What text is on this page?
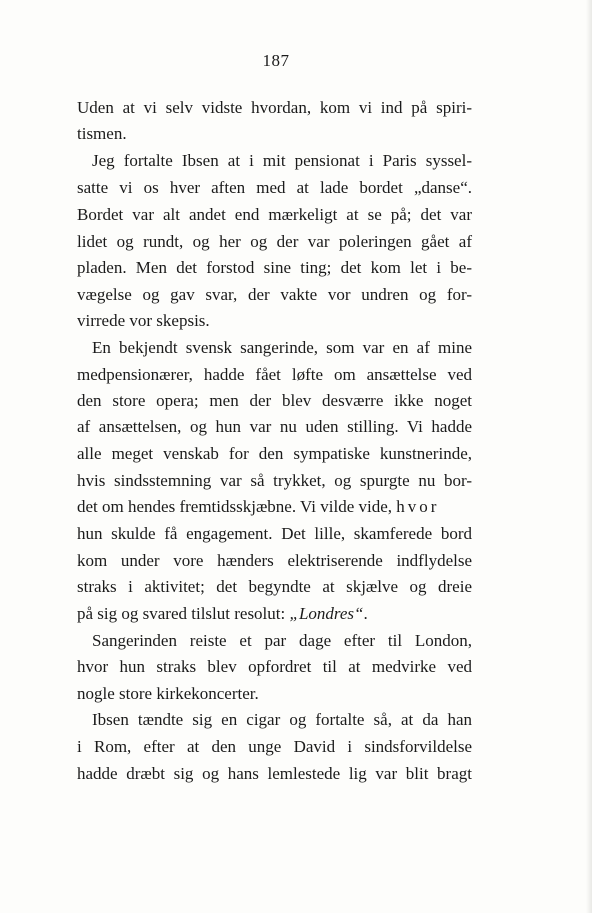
187
Uden at vi selv vidste hvordan, kom vi ind på spiri-
tismen.
Jeg fortalte Ibsen at i mit pensionat i Paris syssel-
satte vi os hver aften med at lade bordet „danse“.
Bordet var alt andet end mærkeligt at se på; det var
lidet og rundt, og her og der var poleringen gået af
pladen. Men det forstod sine ting; det kom let i be-
vægelse og gav svar, der vakte vor undren og for-
virrede vor skepsis.
En bekjendt svensk sangerinde, som var en af mine
medpensionærer, hadde fået løfte om ansættelse ved
den store opera; men der blev desværre ikke noget
af ansættelsen, og hun var nu uden stilling. Vi hadde
alle meget venskab for den sympatiske kunstnerinde,
hvis sindsstemning var så trykket, og spurgte nu bor-
det om hendes fremtidsskjæbne. Vi vilde vide, hvor
hun skulde få engagement. Det lille, skamferede bord
kom under vore hænders elektriserende indflydelse
straks i aktivitet; det begyndte at skjælve og dreie
på sig og svared tilslut resolut: „Londres“.
Sangerinden reiste et par dage efter til London,
hvor hun straks blev opfordret til at medvirke ved
nogle store kirkekoncerter.
Ibsen tændte sig en cigar og fortalte så, at da han
i Rom, efter at den unge David i sindsforvildelse
hadde dræbt sig og hans lemlestede lig var blit bragt
